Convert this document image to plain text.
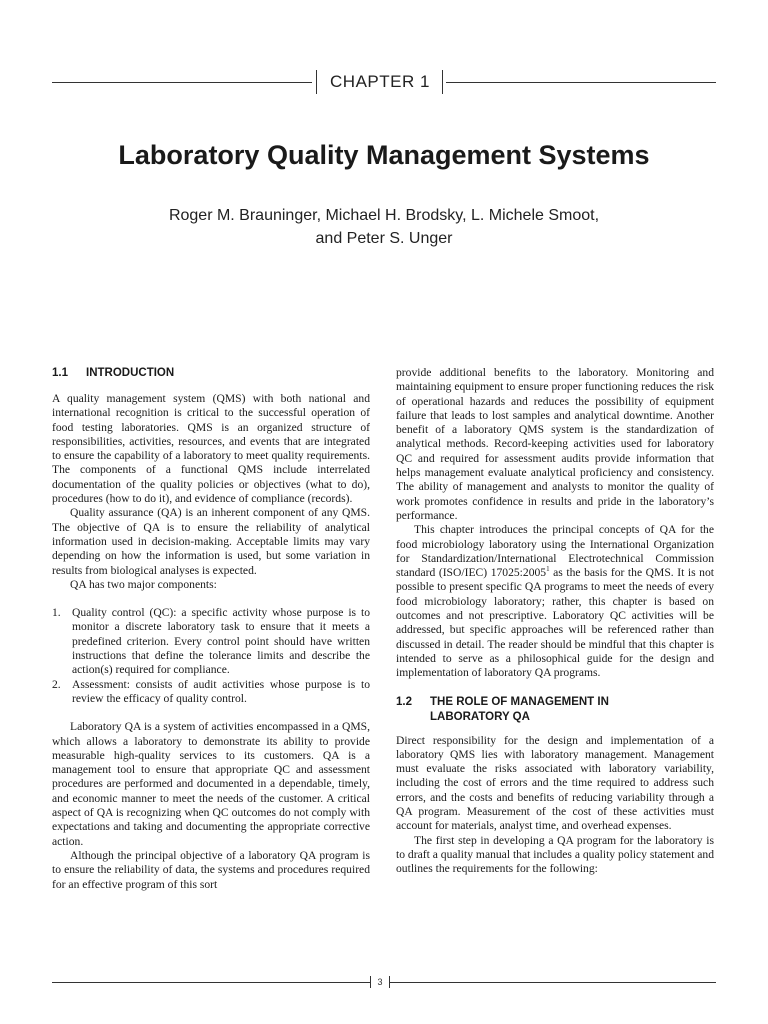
CHAPTER 1
Laboratory Quality Management Systems
Roger M. Brauninger, Michael H. Brodsky, L. Michele Smoot,
and Peter S. Unger
1.1	INTRODUCTION

A quality management system (QMS) with both national and international recognition is critical to the successful operation of food testing laboratories. QMS is an organized structure of responsibilities, activities, resources, and events that are integrated to ensure the capability of a laboratory to meet quality requirements. The components of a functional QMS include interrelated documentation of the quality policies or objectives (what to do), procedures (how to do it), and evidence of compliance (records).

Quality assurance (QA) is an inherent component of any QMS. The objective of QA is to ensure the reliability of analytical information used in decision-making. Acceptable limits may vary depending on how the information is used, but some variation in results from biological analyses is expected.

QA has two major components:

1. Quality control (QC): a specific activity whose purpose is to monitor a discrete laboratory task to ensure that it meets a predefined criterion. Every control point should have written instructions that define the tolerance limits and describe the action(s) required for compliance.
2. Assessment: consists of audit activities whose purpose is to review the efficacy of quality control.

Laboratory QA is a system of activities encompassed in a QMS, which allows a laboratory to demonstrate its ability to provide measurable high-quality services to its customers. QA is a management tool to ensure that appropriate QC and assessment procedures are performed and documented in a dependable, timely, and economic manner to meet the needs of the customer. A critical aspect of QA is recognizing when QC outcomes do not comply with expectations and taking and documenting the appropriate corrective action.

Although the principal objective of a laboratory QA program is to ensure the reliability of data, the systems and procedures required for an effective program of this sort

provide additional benefits to the laboratory. Monitoring and maintaining equipment to ensure proper functioning reduces the risk of operational hazards and reduces the possibility of equipment failure that leads to lost samples and analytical downtime. Another benefit of a laboratory QMS system is the standardization of analytical methods. Record-keeping activities used for laboratory QC and required for assessment audits provide information that helps management evaluate analytical proficiency and consistency. The ability of management and analysts to monitor the quality of work promotes confidence in results and pride in the laboratory’s performance.

This chapter introduces the principal concepts of QA for the food microbiology laboratory using the International Organization for Standardization/International Electrotechnical Commission standard (ISO/IEC) 17025:2005$^1$ as the basis for the QMS. It is not possible to present specific QA programs to meet the needs of every food microbiology laboratory; rather, this chapter is based on outcomes and not prescriptive. Laboratory QC activities will be addressed, but specific approaches will be referenced rather than discussed in detail. The reader should be mindful that this chapter is intended to serve as a philosophical guide for the design and implementation of laboratory QA programs.

1.2	THE ROLE OF MANAGEMENT IN
LABORATORY QA

Direct responsibility for the design and implementation of a laboratory QMS lies with laboratory management. Management must evaluate the risks associated with laboratory variability, including the cost of errors and the time required to address such errors, and the costs and benefits of reducing variability through a QA program. Measurement of the cost of these activities must account for materials, analyst time, and overhead expenses.

The first step in developing a QA program for the laboratory is to draft a quality manual that includes a quality policy statement and outlines the requirements for the following:

3
